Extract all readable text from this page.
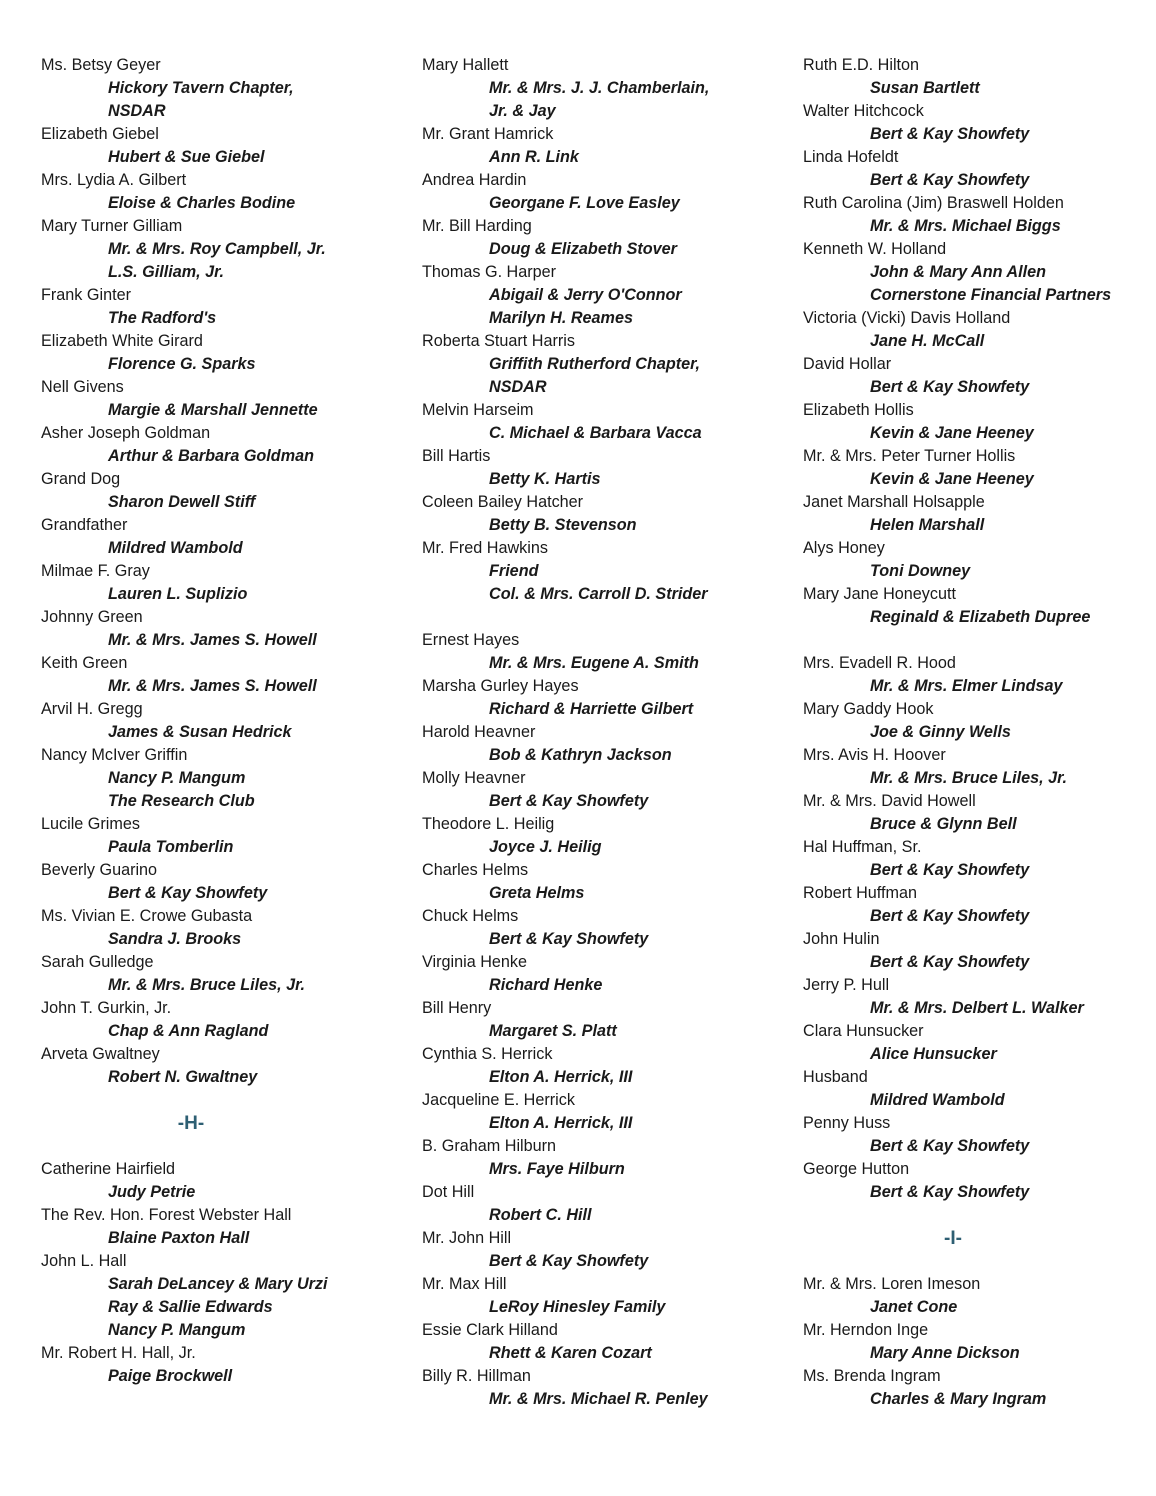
Ms. Betsy Geyer
Hickory Tavern Chapter,
NSDAR
Elizabeth Giebel
Hubert & Sue Giebel
Mrs. Lydia A. Gilbert
Eloise & Charles Bodine
Mary Turner Gilliam
Mr. & Mrs. Roy Campbell, Jr.
L.S. Gilliam, Jr.
Frank Ginter
The Radford's
Elizabeth White Girard
Florence G. Sparks
Nell Givens
Margie & Marshall Jennette
Asher Joseph Goldman
Arthur & Barbara Goldman
Grand Dog
Sharon Dewell Stiff
Grandfather
Mildred Wambold
Milmae F. Gray
Lauren L. Suplizio
Johnny Green
Mr. & Mrs. James S. Howell
Keith Green
Mr. & Mrs. James S. Howell
Arvil H. Gregg
James & Susan Hedrick
Nancy McIver Griffin
Nancy P. Mangum
The Research Club
Lucile Grimes
Paula Tomberlin
Beverly Guarino
Bert & Kay Showfety
Ms. Vivian E. Crowe Gubasta
Sandra J. Brooks
Sarah Gulledge
Mr. & Mrs. Bruce Liles, Jr.
John T. Gurkin, Jr.
Chap & Ann Ragland
Arveta Gwaltney
Robert N. Gwaltney
-H-
Catherine Hairfield
Judy Petrie
The Rev. Hon. Forest Webster Hall
Blaine Paxton Hall
John L. Hall
Sarah DeLancey & Mary Urzi
Ray & Sallie Edwards
Nancy P. Mangum
Mr. Robert H. Hall, Jr.
Paige Brockwell
Mary Hallett
Mr. & Mrs. J. J. Chamberlain,
Jr. & Jay
Mr. Grant Hamrick
Ann R. Link
Andrea Hardin
Georgane F. Love Easley
Mr. Bill Harding
Doug & Elizabeth Stover
Thomas G. Harper
Abigail & Jerry O'Connor
Marilyn H. Reames
Roberta Stuart Harris
Griffith Rutherford Chapter,
NSDAR
Melvin Harseim
C. Michael & Barbara Vacca
Bill Hartis
Betty K. Hartis
Coleen Bailey Hatcher
Betty B. Stevenson
Mr. Fred Hawkins
Friend
Col. & Mrs. Carroll D. Strider
Ernest Hayes
Mr. & Mrs. Eugene A. Smith
Marsha Gurley Hayes
Richard & Harriette Gilbert
Harold Heavner
Bob & Kathryn Jackson
Molly Heavner
Bert & Kay Showfety
Theodore L. Heilig
Joyce J. Heilig
Charles Helms
Greta Helms
Chuck Helms
Bert & Kay Showfety
Virginia Henke
Richard Henke
Bill Henry
Margaret S. Platt
Cynthia S. Herrick
Elton A. Herrick, III
Jacqueline E. Herrick
Elton A. Herrick, III
B. Graham Hilburn
Mrs. Faye Hilburn
Dot Hill
Robert C. Hill
Mr. John Hill
Bert & Kay Showfety
Mr. Max Hill
LeRoy Hinesley Family
Essie Clark Hilland
Rhett & Karen Cozart
Billy R. Hillman
Mr. & Mrs. Michael R. Penley
Ruth E.D. Hilton
Susan Bartlett
Walter Hitchcock
Bert & Kay Showfety
Linda Hofeldt
Bert & Kay Showfety
Ruth Carolina (Jim) Braswell Holden
Mr. & Mrs. Michael Biggs
Kenneth W. Holland
John & Mary Ann Allen
Cornerstone Financial Partners
Victoria (Vicki) Davis Holland
Jane H. McCall
David Hollar
Bert & Kay Showfety
Elizabeth Hollis
Kevin & Jane Heeney
Mr. & Mrs. Peter Turner Hollis
Kevin & Jane Heeney
Janet Marshall Holsapple
Helen Marshall
Alys Honey
Toni Downey
Mary Jane Honeycutt
Reginald & Elizabeth Dupree
Mrs. Evadell R. Hood
Mr. & Mrs. Elmer Lindsay
Mary Gaddy Hook
Joe & Ginny Wells
Mrs. Avis H. Hoover
Mr. & Mrs. Bruce Liles, Jr.
Mr. & Mrs. David Howell
Bruce & Glynn Bell
Hal Huffman, Sr.
Bert & Kay Showfety
Robert Huffman
Bert & Kay Showfety
John Hulin
Bert & Kay Showfety
Jerry P. Hull
Mr. & Mrs. Delbert L. Walker
Clara Hunsucker
Alice Hunsucker
Husband
Mildred Wambold
Penny Huss
Bert & Kay Showfety
George Hutton
Bert & Kay Showfety
-I-
Mr. & Mrs. Loren Imeson
Janet Cone
Mr. Herndon Inge
Mary Anne Dickson
Ms. Brenda Ingram
Charles & Mary Ingram
